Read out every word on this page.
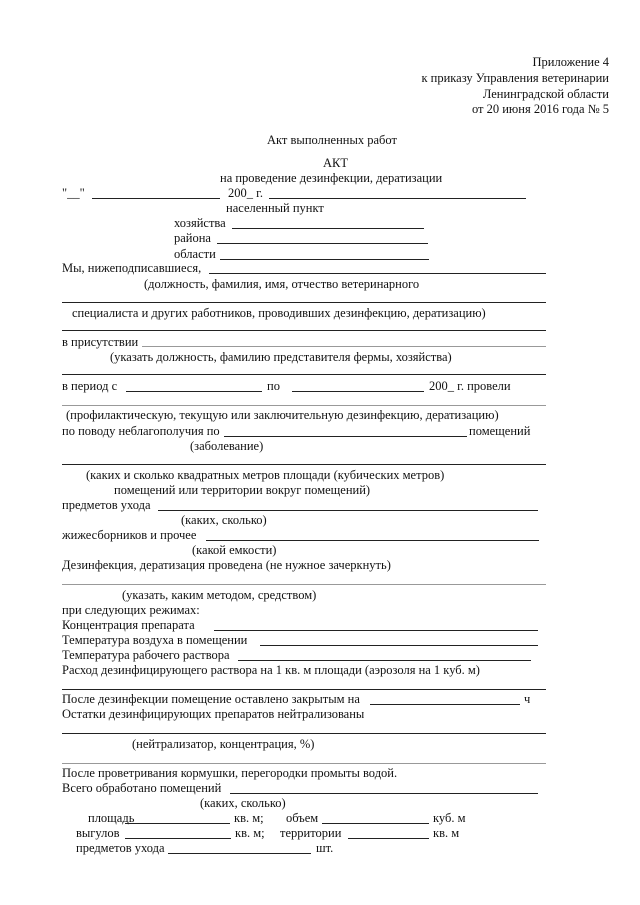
Приложение 4
к приказу Управления ветеринарии
Ленинградской области
от 20 июня 2016 года № 5
Акт выполненных работ
АКТ
на проведение дезинфекции, дератизации
"__"	200_ г.
населенный пункт
хозяйства
района
области
Мы, нижеподписавшиеся,
(должность, фамилия, имя, отчество ветеринарного
специалиста и других работников, проводивших дезинфекцию, дератизацию)
в присутствии
(указать должность, фамилию представителя фермы, хозяйства)
в период с	по	200_ г. провели
(профилактическую, текущую или заключительную дезинфекцию, дератизацию)
по поводу неблагополучия по	помещений
(заболевание)
(каких и сколько квадратных метров площади (кубических метров)
помещений или территории вокруг помещений)
предметов ухода
(каких, сколько)
жижесборников и прочее
(какой емкости)
Дезинфекция, дератизация проведена (не нужное зачеркнуть)
(указать, каким методом, средством)
при следующих режимах:
Концентрация препарата
Температура воздуха в помещении
Температура рабочего раствора
Расход дезинфицирующего раствора на 1 кв. м площади (аэрозоля на 1 куб. м)
После дезинфекции помещение оставлено закрытым на	ч
Остатки дезинфицирующих препаратов нейтрализованы
(нейтрализатор, концентрация, %)
После проветривания кормушки, перегородки промыты водой.
Всего обработано помещений
(каких, сколько)
площадь	кв. м; объем	куб. м
выгулов	кв. м; территории	кв. м
предметов ухода	шт.
